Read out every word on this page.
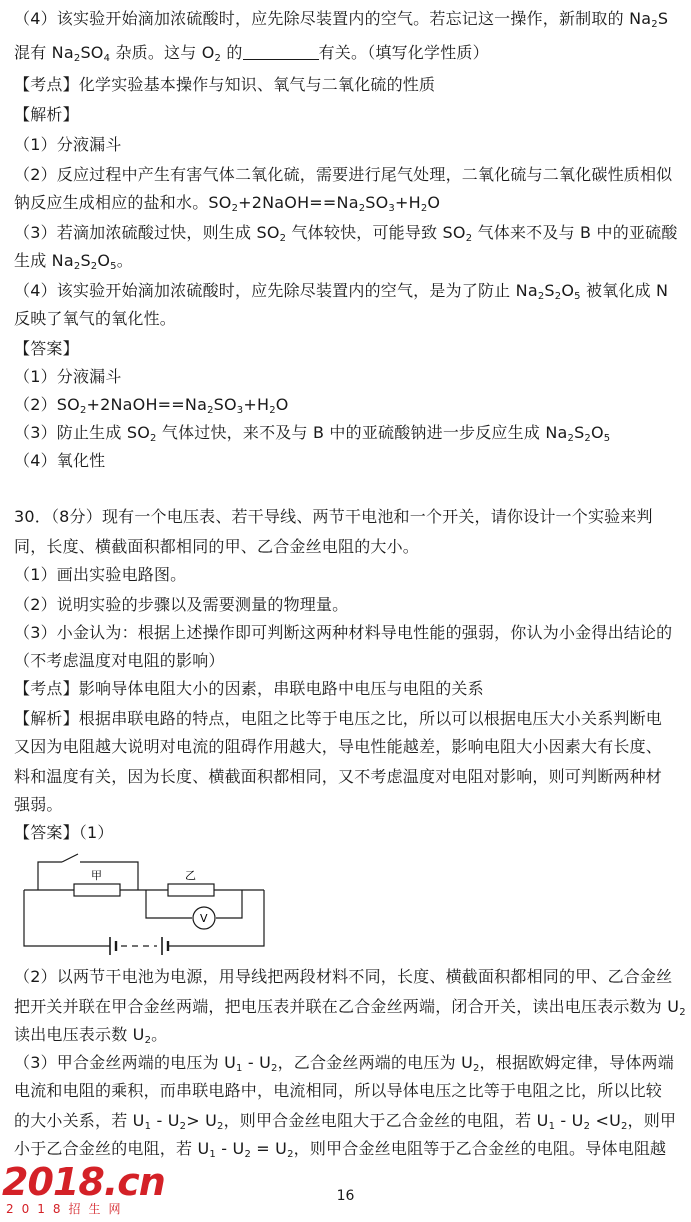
（4）该实验开始滴加浓硫酸时，应先除尽装置内的空气。若忘记这一操作，新制取的 $Na_2S$
混有 $Na_2SO_4$ 杂质。这与 $O_2$ 的	有关。（填写化学性质）
【考点】化学实验基本操作与知识、氧气与二氧化硫的性质
【解析】
（1）分液漏斗
（2）反应过程中产生有害气体二氧化硫，需要进行尾气处理，二氧化硫与二氧化碳性质相似
钠反应生成相应的盐和水。$SO_2+2NaOH==Na_2SO_3+H_2O$
（3）若滴加浓硫酸过快，则生成 $SO_2$ 气体较快，可能导致 $SO_2$ 气体来不及与 B 中的亚硫酸
生成 $Na_2S_2O_5$。
（4）该实验开始滴加浓硫酸时，应先除尽装置内的空气，是为了防止 $Na_2S_2O_5$ 被氧化成 N
反映了氧气的氧化性。
【答案】
（1）分液漏斗
$(2)SO_2+2NaOH==Na_2SO_3+H_2O$
（3）防止生成 $SO_2$ 气体过快，来不及与 B 中的亚硫酸钠进一步反应生成 $Na_2S_2O_5$
（4）氧化性
30．（8分）现有一个电压表、若干导线、两节干电池和一个开关，请你设计一个实验来判
同，长度、横截面积都相同的甲、乙合金丝电阻的大小。
（1）画出实验电路图。
（2）说明实验的步骤以及需要测量的物理量。
（3）小金认为：根据上述操作即可判断这两种材料导电性能的强弱，你认为小金得出结论的
（不考虑温度对电阻的影响）
【考点】影响导体电阻大小的因素，串联电路中电压与电阻的关系
【解析】根据串联电路的特点，电阻之比等于电压之比，所以可以根据电压大小关系判断电
又因为电阻越大说明对电流的阻碍作用越大，导电性能越差，影响电阻大小因素大有长度、
料和温度有关，因为长度、横截面积都相同，又不考虑温度对电阻对影响，则可判断两种材
强弱。
【答案】（1）
甲	乙
V
（2）以两节干电池为电源，用导线把两段材料不同，长度、横截面积都相同的甲、乙合金丝
把开关并联在甲合金丝两端，把电压表并联在乙合金丝两端，闭合开关，读出电压表示数为 $U_2$
读出电压表示数 $U_2$。
（3）甲合金丝两端的电压为 $U_1 - U_2$，乙合金丝两端的电压为 $U_2$，根据欧姆定律，导体两端
电流和电阻的乘积，而串联电路中，电流相同，所以导体电压之比等于电阻之比，所以比较
的大小关系，若 $U_1 - U_2> U_2$，则甲合金丝电阻大于乙合金丝的电阻，若 $U_1 - U_2 <U_2$，则甲
小于乙合金丝的电阻，若 $U_1 - U_2 = U_2$，则甲合金丝电阻等于乙合金丝的电阻。导体电阻越
16
2018.cn
2018招生网
